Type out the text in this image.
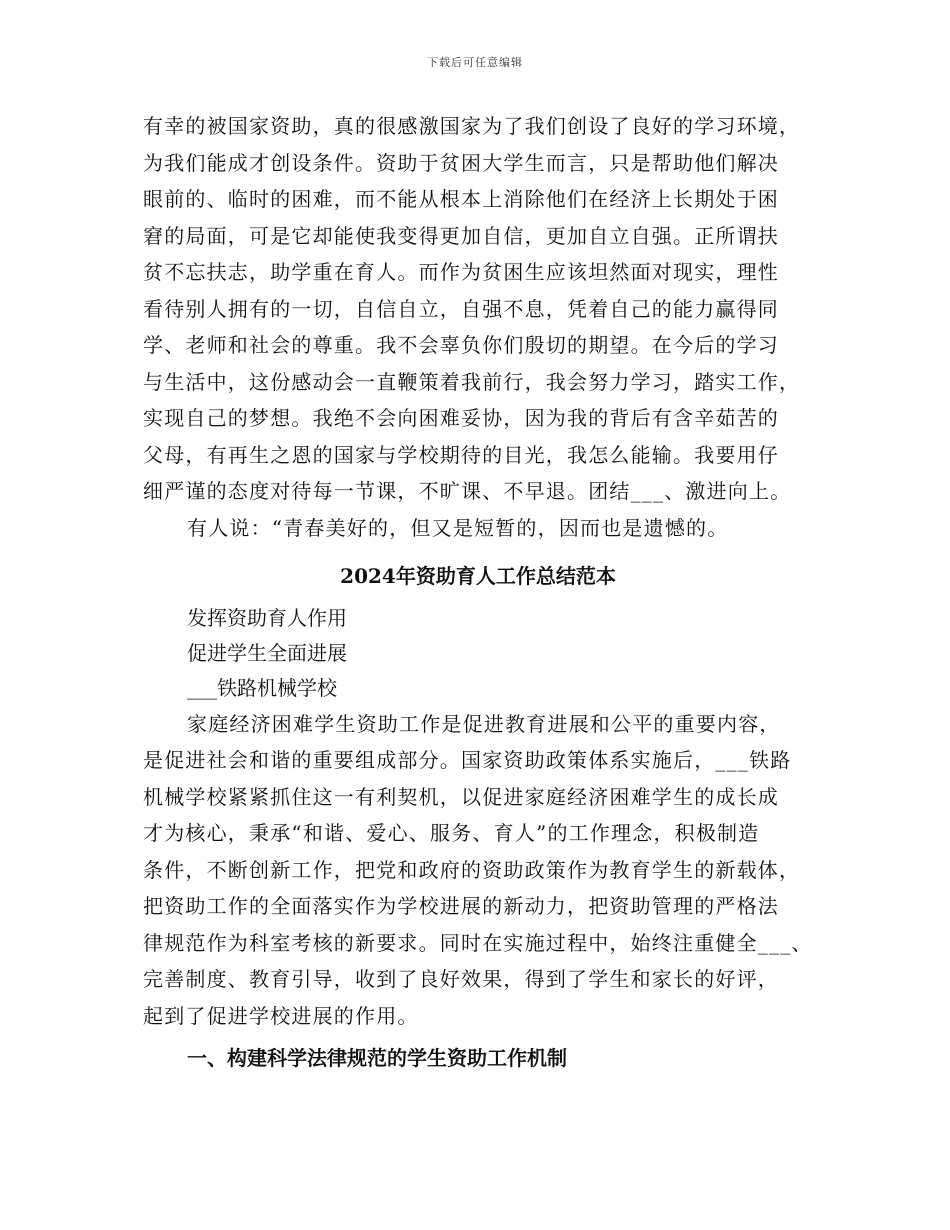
下载后可任意编辑
有幸的被国家资助，真的很感激国家为了我们创设了良好的学习环境，
为我们能成才创设条件。资助于贫困大学生而言，只是帮助他们解决
眼前的、临时的困难，而不能从根本上消除他们在经济上长期处于困
窘的局面，可是它却能使我变得更加自信，更加自立自强。正所谓扶
贫不忘扶志，助学重在育人。而作为贫困生应该坦然面对现实，理性
看待别人拥有的一切，自信自立，自强不息，凭着自己的能力赢得同
学、老师和社会的尊重。我不会辜负你们殷切的期望。在今后的学习
与生活中，这份感动会一直鞭策着我前行，我会努力学习，踏实工作，
实现自己的梦想。我绝不会向困难妥协，因为我的背后有含辛茹苦的
父母，有再生之恩的国家与学校期待的目光，我怎么能输。我要用仔
细严谨的态度对待每一节课，不旷课、不早退。团结___、激进向上。
有人说：“青春美好的，但又是短暂的，因而也是遗憾的。
2024年资助育人工作总结范本
发挥资助育人作用
促进学生全面进展
___铁路机械学校
家庭经济困难学生资助工作是促进教育进展和公平的重要内容，
是促进社会和谐的重要组成部分。国家资助政策体系实施后，___铁路
机械学校紧紧抓住这一有利契机，以促进家庭经济困难学生的成长成
才为核心，秉承“和谐、爱心、服务、育人”的工作理念，积极制造
条件，不断创新工作，把党和政府的资助政策作为教育学生的新载体，
把资助工作的全面落实作为学校进展的新动力，把资助管理的严格法
律规范作为科室考核的新要求。同时在实施过程中，始终注重健全___、
完善制度、教育引导，收到了良好效果，得到了学生和家长的好评，
起到了促进学校进展的作用。
一、构建科学法律规范的学生资助工作机制
